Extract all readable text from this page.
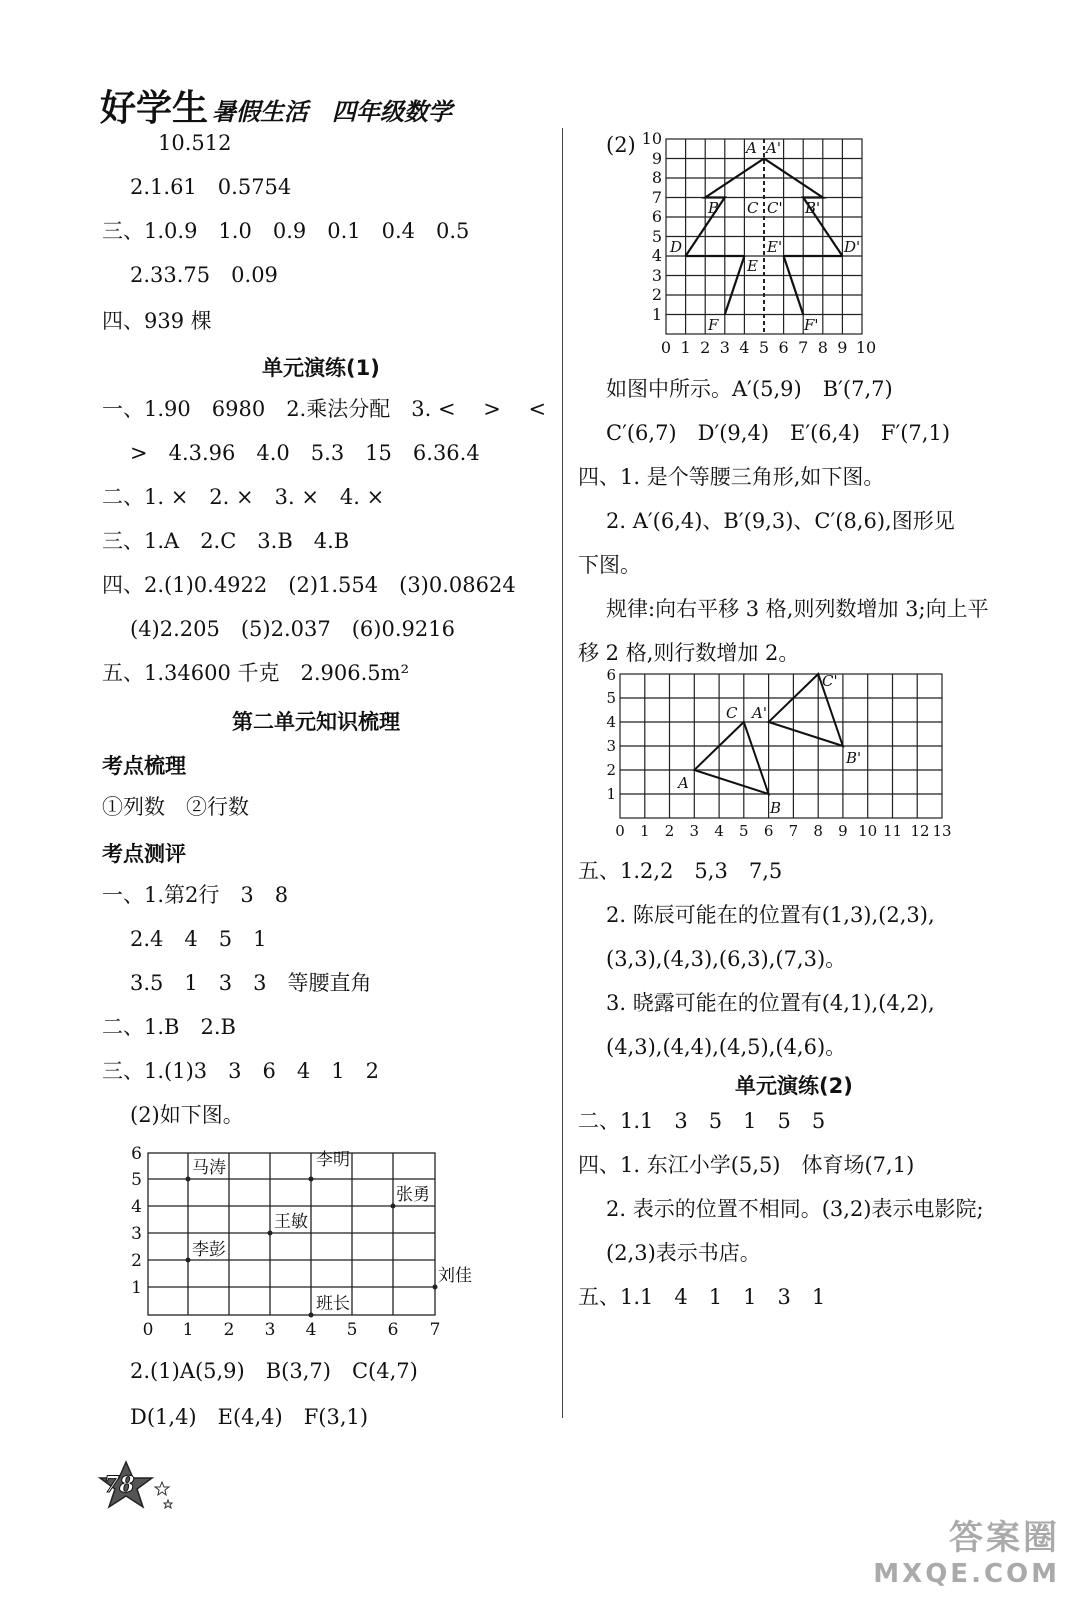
好学生 暑假生活 四年级数学
10.512
2.1.61　0.5754
三、1.0.9　1.0　0.9　0.1　0.4　0.5
2.33.75　0.09
四、939 棵
单元演练(1)
一、1.90　6980　2.乘法分配　3. <　 >　 <
>　4.3.96　4.0　5.3　15　6.36.4
二、1. ×　2. ×　3. ×　4. ×
三、1.A　2.C　3.B　4.B
四、2.(1)0.4922　(2)1.554　(3)0.08624
(4)2.205　(5)2.037　(6)0.9216
五、1.34600 千克　2.906.5m²
第二单元知识梳理
考点梳理
①列数　②行数
考点测评
一、1.第2行　3　8
2.4　4　5　1
3.5　1　3　3　等腰直角
二、1.B　2.B
三、1.(1)3　3　6　4　1　2
(2)如下图。
马涛	李明
张勇
王敏
李彭
刘佳
班长
0 1 2 3 4 5 6 7
1
2
3
4
5
6
2.(1)A(5,9)　B(3,7)　C(4,7)
D(1,4)　E(4,4)　F(3,1)
(2)	A A'
B C C' B'
D	E'	D'
E
F	F'
0 1 2 3 4 5 6 7 8 9 10
1
2
3
4
5
6
7
8
9
10
如图中所示。A′(5,9)　B′(7,7)
C′(6,7)　D′(9,4)　E′(6,4)　F′(7,1)
四、1. 是个等腰三角形,如下图。
2. A′(6,4)、B′(9,3)、C′(8,6),图形见
下图。
规律:向右平移 3 格,则列数增加 3;向上平
移 2 格,则行数增加 2。
A
B
C A'
B'
C'
0 1 2 3 4 5 6 7 8 9 10 11 12 13
1
2
3
4
5
6
五、1.2,2　5,3　7,5
2. 陈辰可能在的位置有(1,3),(2,3),
(3,3),(4,3),(6,3),(7,3)。
3. 晓露可能在的位置有(4,1),(4,2),
(4,3),(4,4),(4,5),(4,6)。
单元演练(2)
二、1.1　3　5　1　5　5
四、1. 东江小学(5,5)　体育场(7,1)
2. 表示的位置不相同。(3,2)表示电影院;
(2,3)表示书店。
五、1.1　4　1　1　3　1
78
答案圈
MXQE.COM
